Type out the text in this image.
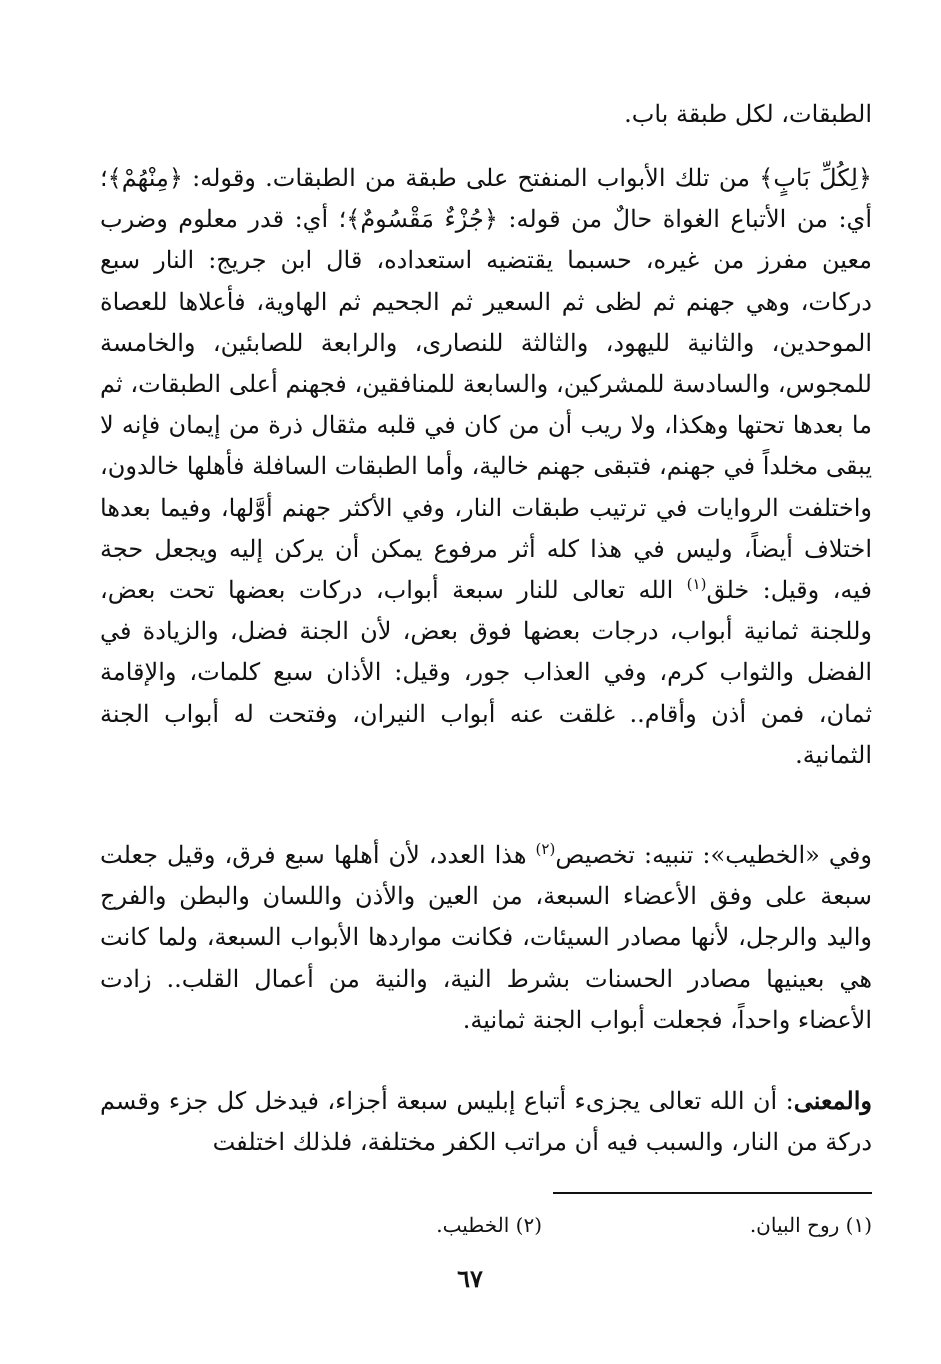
الطبقات، لكل طبقة باب.

﴿لِكُلِّ بَابٍ﴾ من تلك الأبواب المنفتح على طبقة من الطبقات. وقوله: ﴿مِنْهُمْ﴾؛ أي: من الأتباع الغواة حالٌ من قوله: ﴿جُزْءٌ مَقْسُومٌ﴾؛ أي: قدر معلوم وضرب معين مفرز من غيره، حسبما يقتضيه استعداده، قال ابن جريج: النار سبع دركات، وهي جهنم ثم لظى ثم السعير ثم الجحيم ثم الهاوية، فأعلاها للعصاة الموحدين، والثانية لليهود، والثالثة للنصارى، والرابعة للصابئين، والخامسة للمجوس، والسادسة للمشركين، والسابعة للمنافقين، فجهنم أعلى الطبقات، ثم ما بعدها تحتها وهكذا، ولا ريب أن من كان في قلبه مثقال ذرة من إيمان فإنه لا يبقى مخلداً في جهنم، فتبقى جهنم خالية، وأما الطبقات السافلة فأهلها خالدون، واختلفت الروايات في ترتيب طبقات النار، وفي الأكثر جهنم أوَّلها، وفيما بعدها اختلاف أيضاً، وليس في هذا كله أثر مرفوع يمكن أن يركن إليه ويجعل حجة فيه، وقيل: خلق$^{(١)}$ الله تعالى للنار سبعة أبواب، دركات بعضها تحت بعض، وللجنة ثمانية أبواب، درجات بعضها فوق بعض، لأن الجنة فضل، والزيادة في الفضل والثواب كرم، وفي العذاب جور، وقيل: الأذان سبع كلمات، والإقامة ثمان، فمن أذن وأقام.. غلقت عنه أبواب النيران، وفتحت له أبواب الجنة الثمانية.

وفي «الخطيب»: تنبيه: تخصيص$^{(٢)}$ هذا العدد، لأن أهلها سبع فرق، وقيل جعلت سبعة على وفق الأعضاء السبعة، من العين والأذن واللسان والبطن والفرج واليد والرجل، لأنها مصادر السيئات، فكانت مواردها الأبواب السبعة، ولما كانت هي بعينيها مصادر الحسنات بشرط النية، والنية من أعمال القلب.. زادت الأعضاء واحداً، فجعلت أبواب الجنة ثمانية.

والمعنى: أن الله تعالى يجزىء أتباع إبليس سبعة أجزاء، فيدخل كل جزء وقسم دركة من النار، والسبب فيه أن مراتب الكفر مختلفة، فلذلك اختلفت

(١) روح البيان.
(٢) الخطيب.
٦٧
